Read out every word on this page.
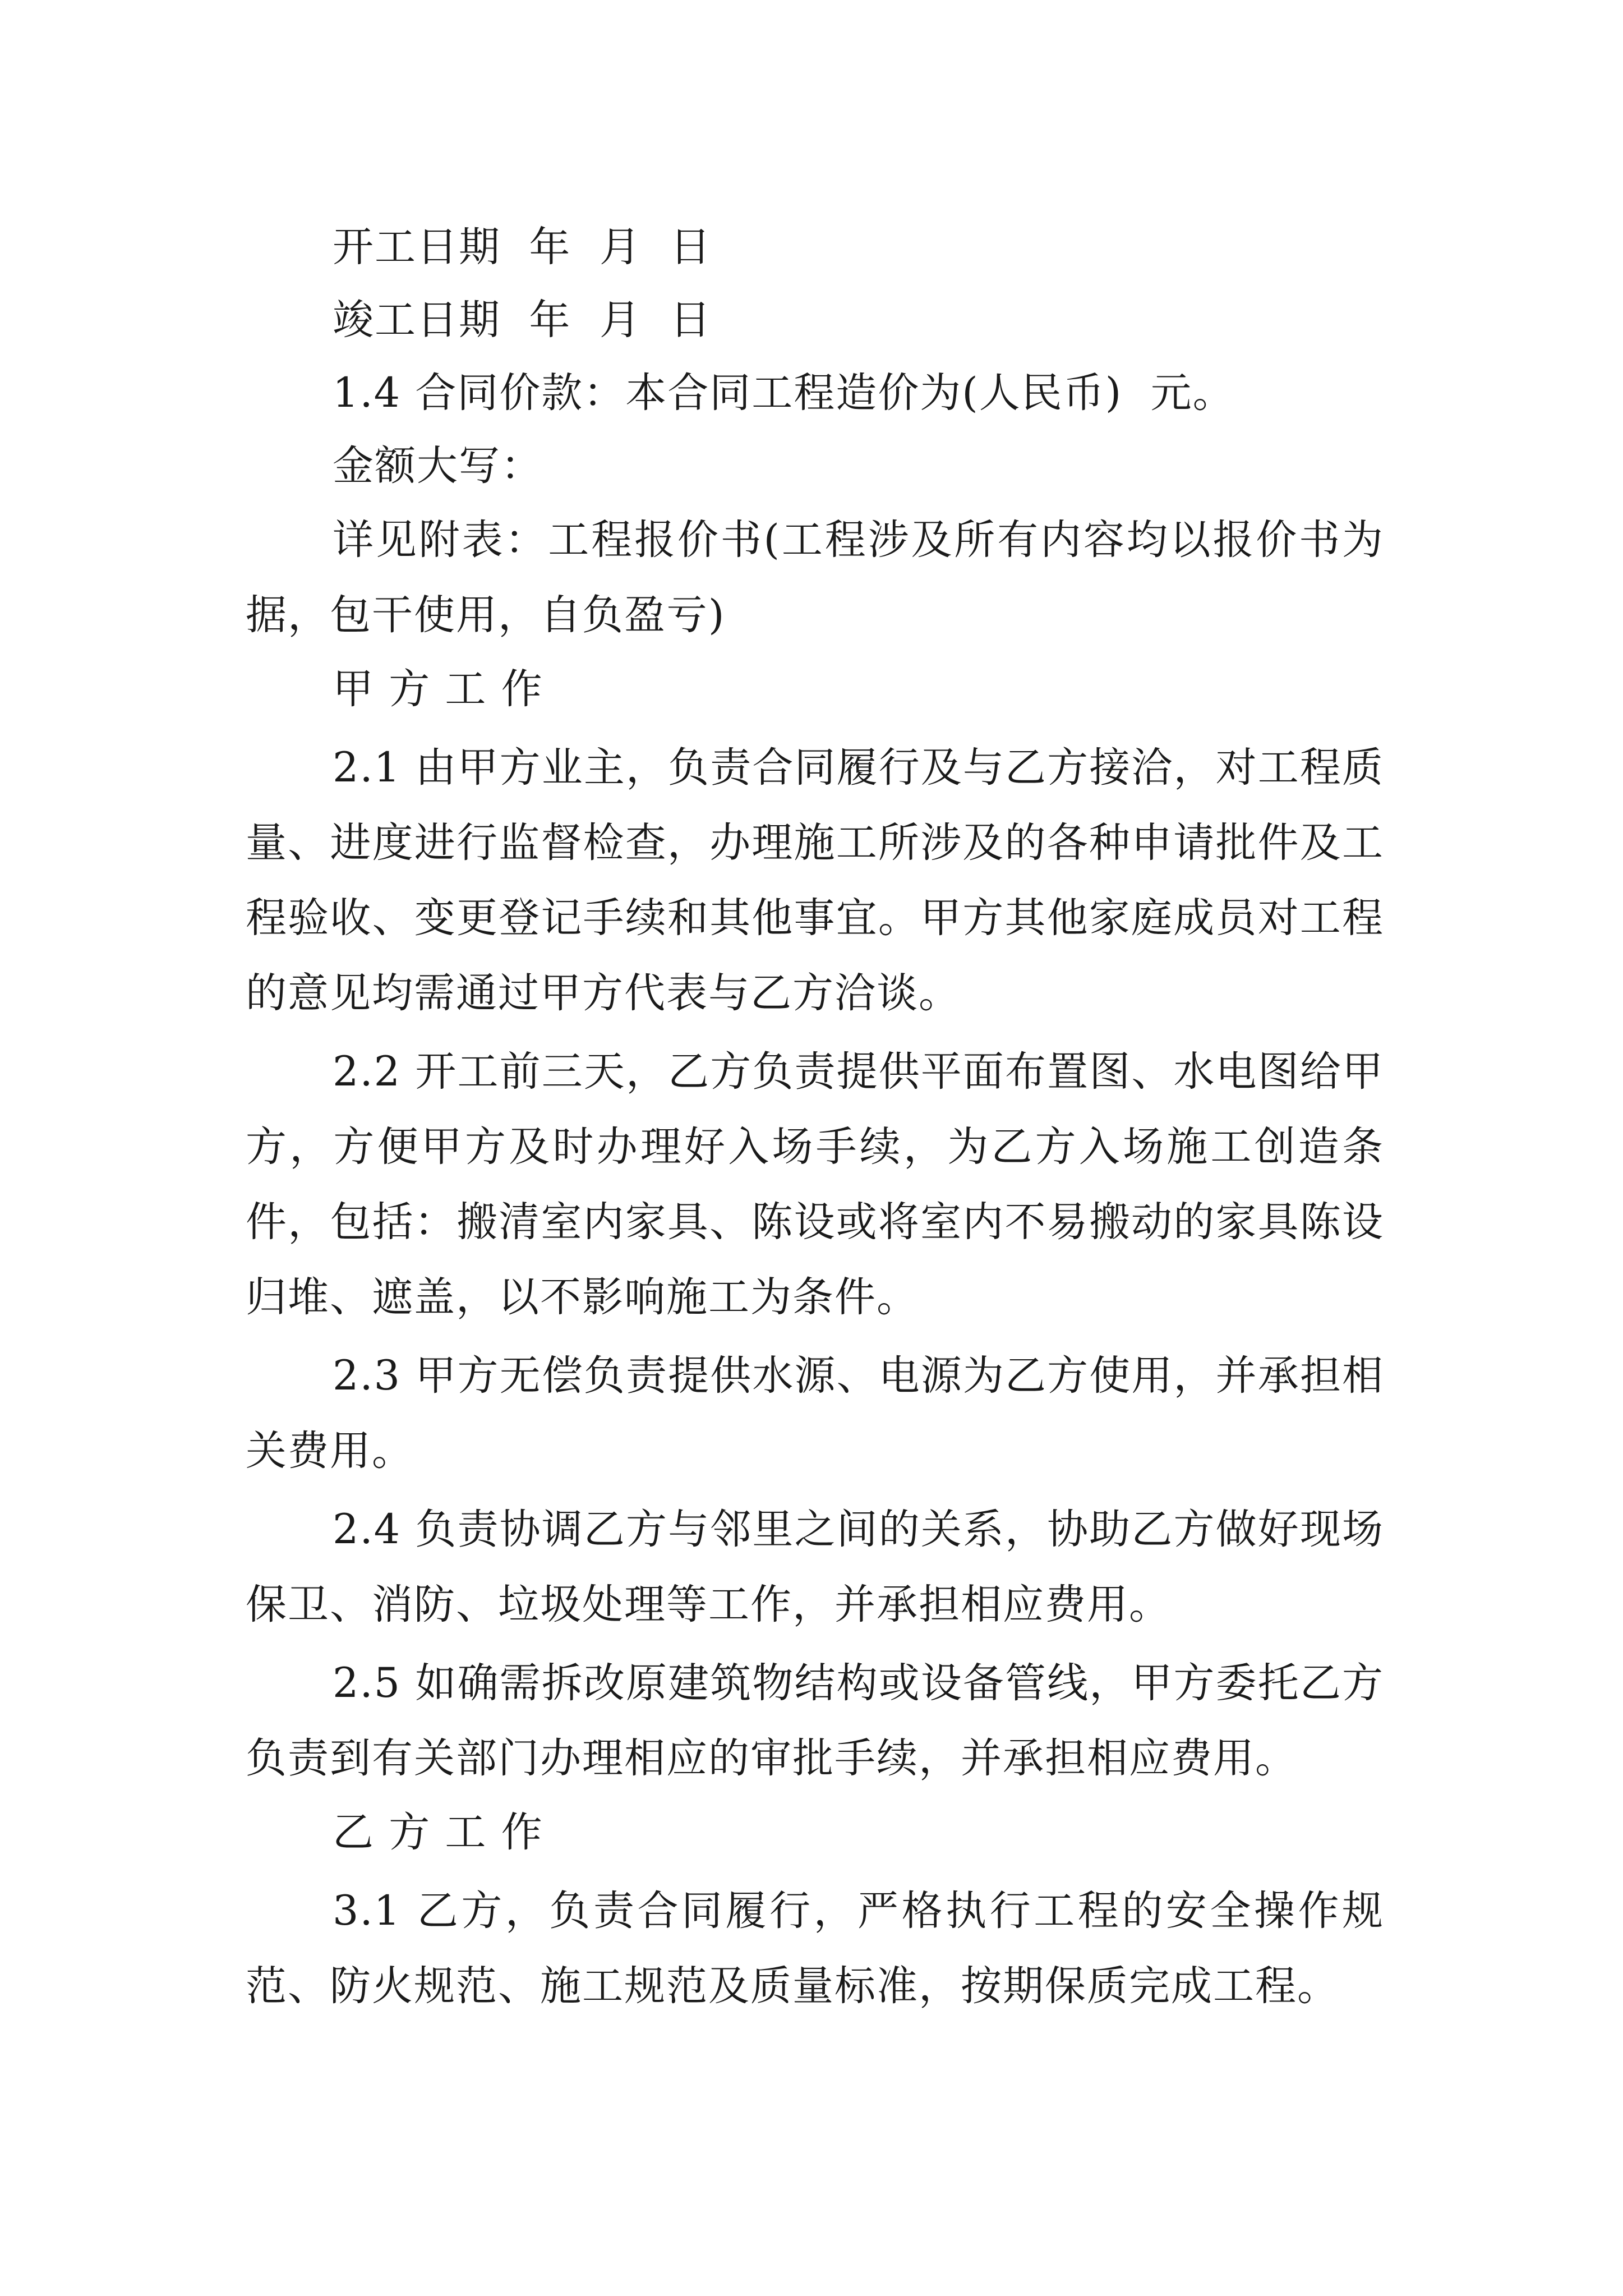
开工日期  年  月  日
竣工日期  年  月  日
1.4 合同价款：本合同工程造价为(人民币)  元。
金额大写：

详见附表：工程报价书(工程涉及所有内容均以报价书为据，包干使用，自负盈亏)

甲 方 工 作

2.1 由甲方业主，负责合同履行及与乙方接洽，对工程质量、进度进行监督检查，办理施工所涉及的各种申请批件及工程验收、变更登记手续和其他事宜。甲方其他家庭成员对工程的意见均需通过甲方代表与乙方洽谈。

2.2 开工前三天，乙方负责提供平面布置图、水电图给甲方，方便甲方及时办理好入场手续，为乙方入场施工创造条件，包括：搬清室内家具、陈设或将室内不易搬动的家具陈设归堆、遮盖，以不影响施工为条件。

2.3 甲方无偿负责提供水源、电源为乙方使用，并承担相关费用。

2.4 负责协调乙方与邻里之间的关系，协助乙方做好现场保卫、消防、垃圾处理等工作，并承担相应费用。

2.5 如确需拆改原建筑物结构或设备管线，甲方委托乙方负责到有关部门办理相应的审批手续，并承担相应费用。

乙 方 工 作

3.1 乙方，负责合同履行，严格执行工程的安全操作规范、防火规范、施工规范及质量标准，按期保质完成工程。
